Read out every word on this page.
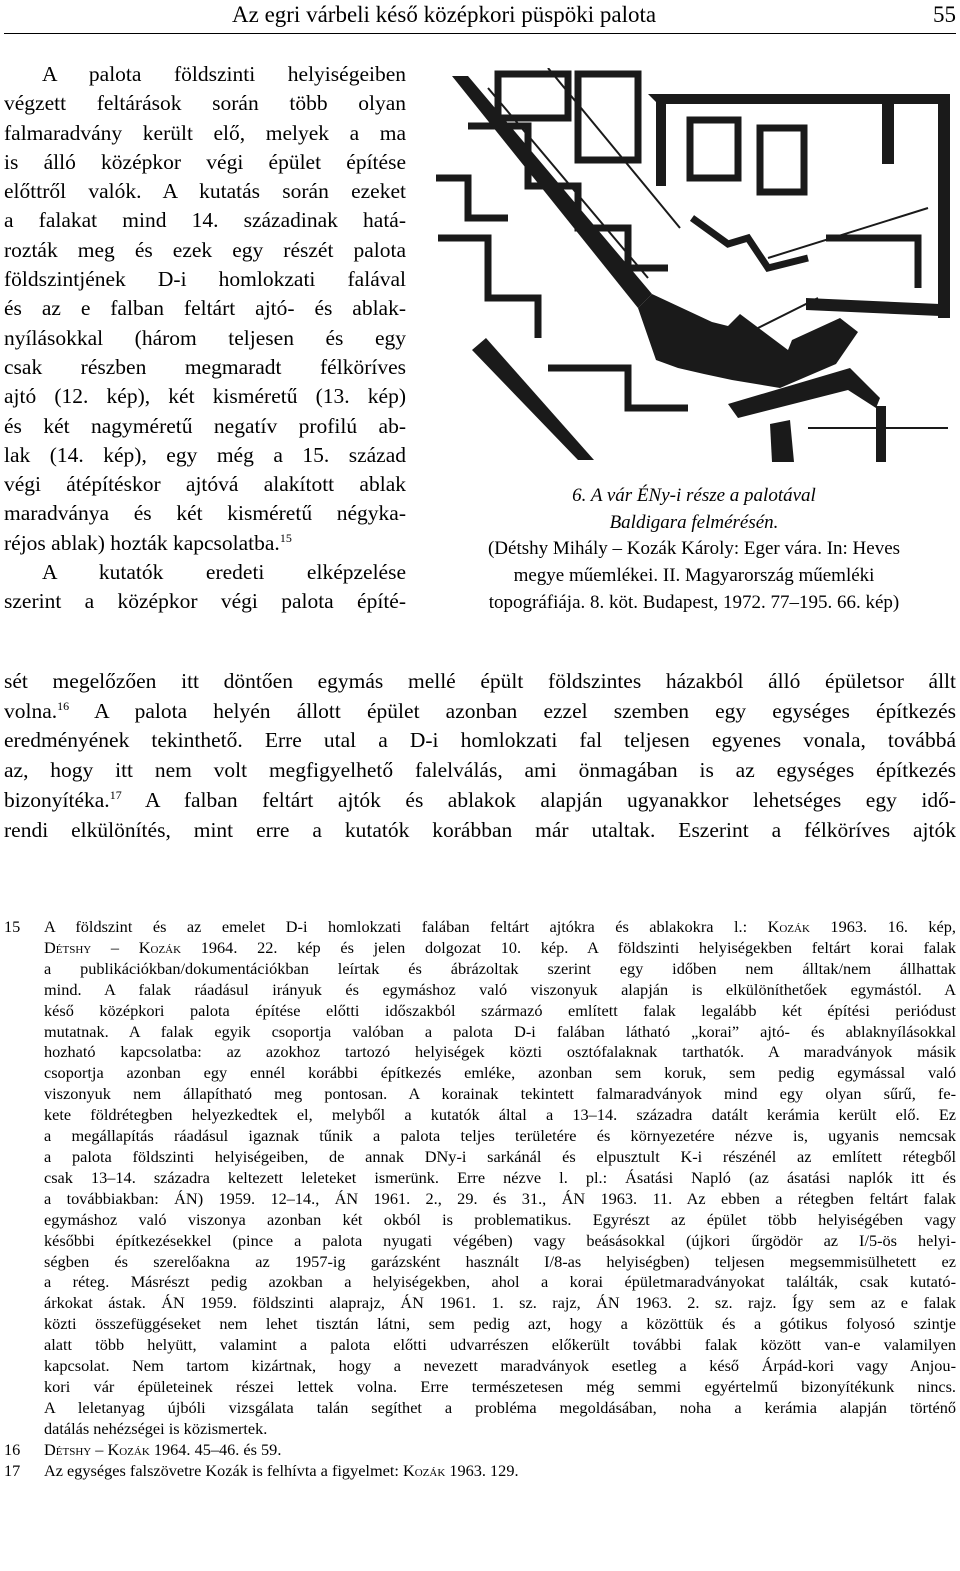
Az egri várbeli késő középkori püspöki palota	55
A palota földszinti helyiségeiben
végzett feltárások során több olyan
falmaradvány került elő, melyek a ma
is álló középkor végi épület építése
előttről valók. A kutatás során ezeket
a falakat mind 14. századinak hatá-
rozták meg és ezek egy részét palota
földszintjének D-i homlokzati falával
és az e falban feltárt ajtó- és ablak-
nyílásokkal (három teljesen és egy
csak részben megmaradt félköríves
ajtó (12. kép), két kisméretű (13. kép)
és két nagyméretű negatív profilú ab-
lak (14. kép), egy még a 15. század
végi átépítéskor ajtóvá alakított ablak
maradványa és két kisméretű négyka-
réjos ablak) hozták kapcsolatba.$^{15}$
A kutatók eredeti elképzelése
szerint a középkor végi palota építé-
6. A vár ÉNy-i része a palotával
Baldigara felmérésén.
(Détshy Mihály – Kozák Károly: Eger vára. In: Heves
megye műemlékei. II. Magyarország műemléki
topográfiája. 8. köt. Budapest, 1972. 77–195. 66. kép)
sét megelőzően itt döntően egymás mellé épült földszintes házakból álló épületsor állt
volna.$^{16}$ A palota helyén állott épület azonban ezzel szemben egy egységes építkezés
eredményének tekinthető. Erre utal a D-i homlokzati fal teljesen egyenes vonala, továbbá
az, hogy itt nem volt megfigyelhető falelválás, ami önmagában is az egységes építkezés
bizonyítéka.$^{17}$ A falban feltárt ajtók és ablakok alapján ugyanakkor lehetséges egy idő-
rendi elkülönítés, mint erre a kutatók korábban már utaltak. Eszerint a félköríves ajtók
15 A földszint és az emelet D-i homlokzati falában feltárt ajtókra és ablakokra l.: Kozák 1963. 16. kép,
Détshy – Kozák 1964. 22. kép és jelen dolgozat 10. kép. A földszinti helyiségekben feltárt korai falak
a publikációkban/dokumentációkban leírtak és ábrázoltak szerint egy időben nem álltak/nem állhattak
mind. A falak ráadásul irányuk és egymáshoz való viszonyuk alapján is elkülöníthetőek egymástól. A
késő középkori palota építése előtti időszakból származó említett falak legalább két építési periódust
mutatnak. A falak egyik csoportja valóban a palota D-i falában látható „korai” ajtó- és ablaknyílásokkal
hozható kapcsolatba: az azokhoz tartozó helyiségek közti osztófalaknak tarthatók. A maradványok másik
csoportja azonban egy ennél korábbi építkezés emléke, azonban sem koruk, sem pedig egymással való
viszonyuk nem állapítható meg pontosan. A korainak tekintett falmaradványok mind egy olyan sűrű, fe-
kete földrétegben helyezkedtek el, melyből a kutatók által a 13–14. századra datált kerámia került elő. Ez
a megállapítás ráadásul igaznak tűnik a palota teljes területére és környezetére nézve is, ugyanis nemcsak
a palota földszinti helyiségeiben, de annak DNy-i sarkánál és elpusztult K-i részénél az említett rétegből
csak 13–14. századra keltezett leleteket ismerünk. Erre nézve l. pl.: Ásatási Napló (az ásatási naplók itt és
a továbbiakban: ÁN) 1959. 12–14., ÁN 1961. 2., 29. és 31., ÁN 1963. 11. Az ebben a rétegben feltárt falak
egymáshoz való viszonya azonban két okból is problematikus. Egyrészt az épület több helyiségében vagy
későbbi építkezésekkel (pince a palota nyugati végében) vagy beásásokkal (újkori űrgödör az I/5-ös helyi-
ségben és szerelőakna az 1957-ig garázsként használt I/8-as helyiségben) teljesen megsemmisülhetett ez
a réteg. Másrészt pedig azokban a helyiségekben, ahol a korai épületmaradványokat találták, csak kutató-
árkokat ástak. ÁN 1959. földszinti alaprajz, ÁN 1961. 1. sz. rajz, ÁN 1963. 2. sz. rajz. Így sem az e falak
közti összefüggéseket nem lehet tisztán látni, sem pedig azt, hogy a közöttük és a gótikus folyosó szintje
alatt több helyütt, valamint a palota előtti udvarrészen előkerült további falak között van-e valamilyen
kapcsolat. Nem tartom kizártnak, hogy a nevezett maradványok esetleg a késő Árpád-kori vagy Anjou-
kori vár épületeinek részei lettek volna. Erre természetesen még semmi egyértelmű bizonyítékunk nincs.
A leletanyag újbóli vizsgálata talán segíthet a probléma megoldásában, noha a kerámia alapján történő
datálás nehézségei is közismertek.
16 Détshy – Kozák 1964. 45–46. és 59.
17 Az egységes falszövetre Kozák is felhívta a figyelmet: Kozák 1963. 129.
